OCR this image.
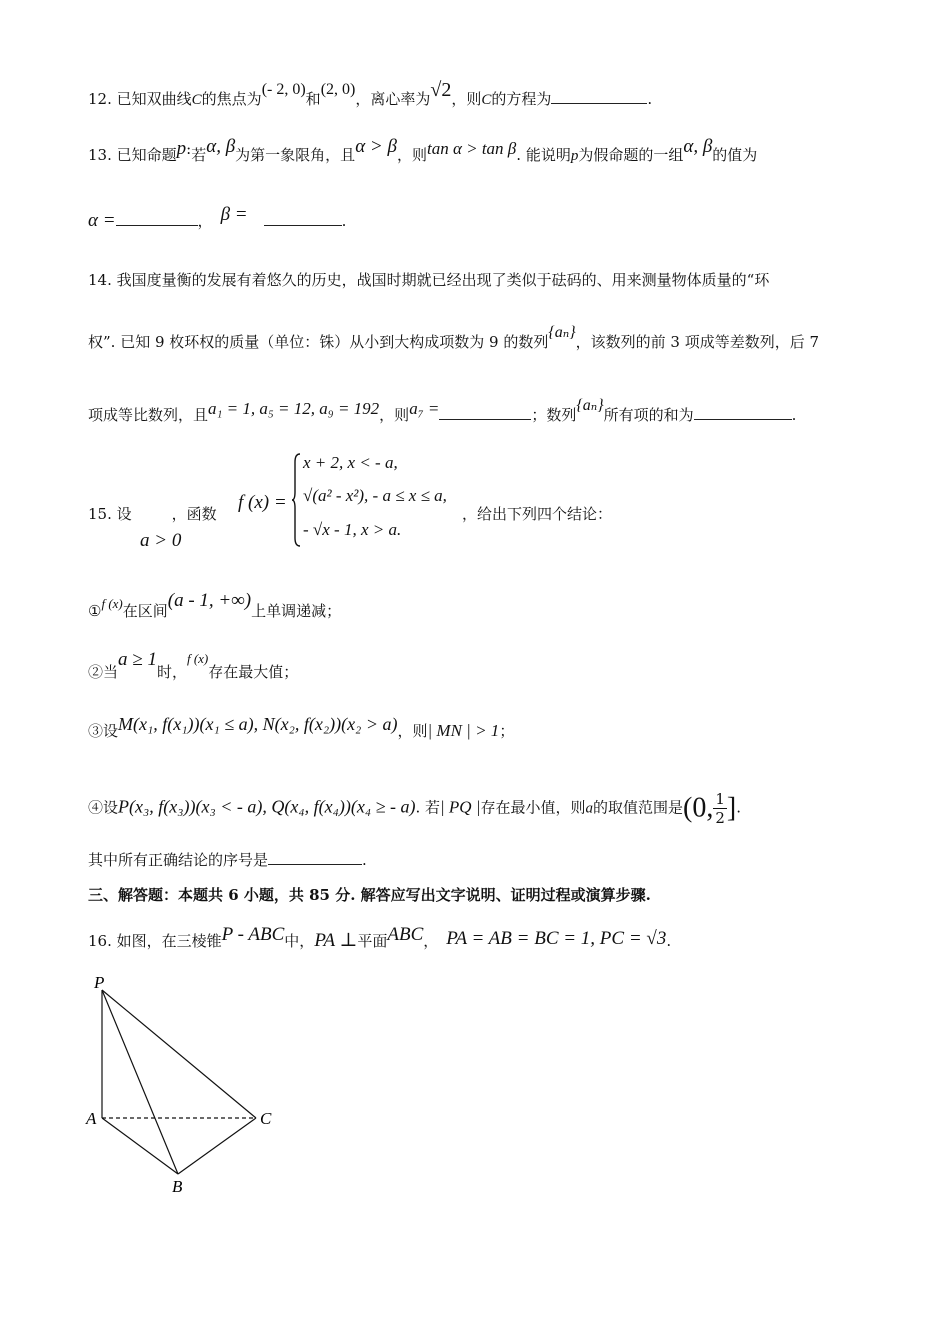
12. 已知双曲线C的焦点为(- 2, 0)和(2, 0)，离心率为√2，则C的方程为	.
13. 已知命题p:若α, β为第一象限角，且α > β，则tan α > tan β. 能说明p为假命题的一组α, β的值为
α =	， β =	.
14. 我国度量衡的发展有着悠久的历史，战国时期就已经出现了类似于砝码的、用来测量物体质量的“环
权”. 已知 9 枚环权的质量（单位：铢）从小到大构成项数为 9 的数列{aₙ}，该数列的前 3 项成等差数列，后 7
项成等比数列，且a₁ = 1, a₅ = 12, a₉ = 192，则a₇ =	；数列{aₙ}所有项的和为	.
15. 设	，函数
a > 0
f (x) =
x + 2, x < - a,
√(a² - x²), - a ≤ x ≤ a,
- √x - 1, x > a.
，给出下列四个结论：
①f (x)在区间(a - 1, +∞)上单调递减；
②当a ≥ 1时，f (x)存在最大值；
③设M(x₁, f(x₁))(x₁ ≤ a), N(x₂, f(x₂))(x₂ > a)，则| MN | > 1；
④设P(x₃, f(x₃))(x₃ < - a), Q(x₄, f(x₄))(x₄ ≥ - a). 若| PQ |存在最小值，则a的取值范围是(0, $\frac{1}{2}$ ].
其中所有正确结论的序号是	.
三、解答题：本题共 6 小题，共 85 分. 解答应写出文字说明、证明过程或演算步骤.
16. 如图，在三棱锥P - ABC中，PA ⊥平面ABC， PA = AB = BC = 1, PC = √3.
P
A
B
C
